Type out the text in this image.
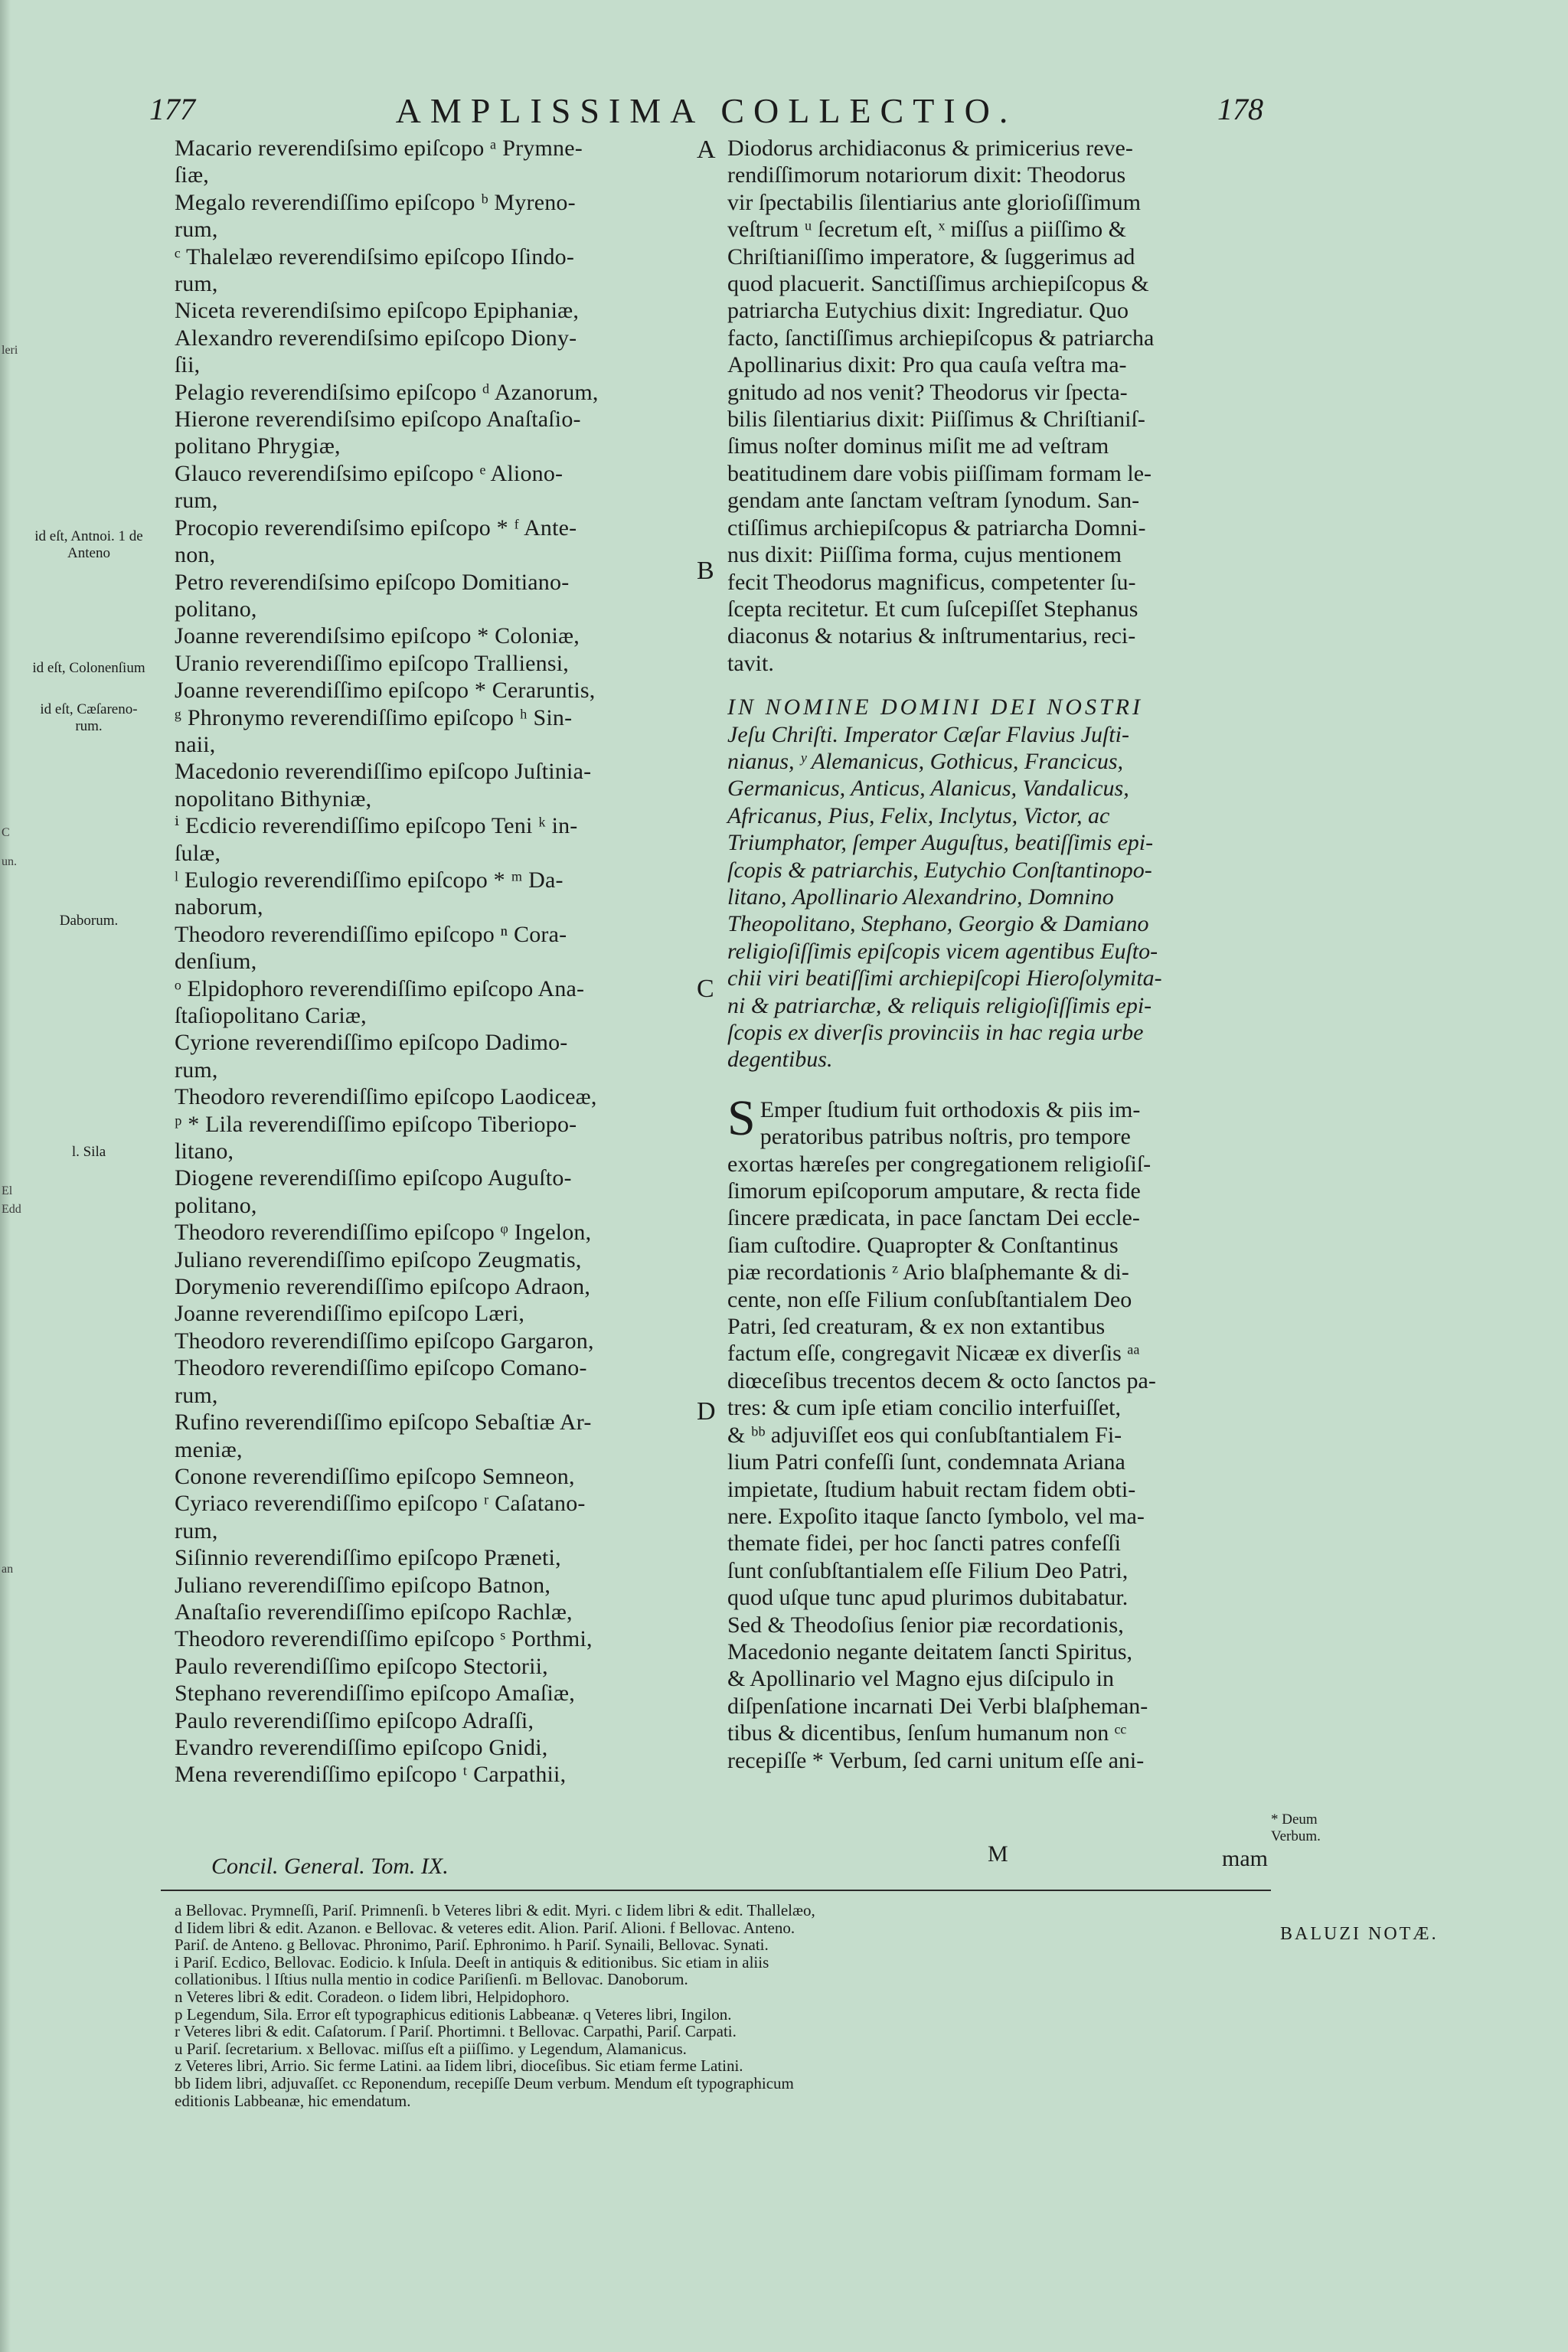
leri
C
un.
El
Edd
an
177	AMPLISSIMA COLLECTIO.	178
id eſt, Antnoi. 1 de Anteno
id eſt, Colonenſium
id eſt, Cæſareno-rum.
Daborum.
l. Sila
Macario reverendiſsimo epiſcopo ᵃ Prymne-
ſiæ,
Megalo reverendiſſimo epiſcopo ᵇ Myreno-
rum,
ᶜ Thalelæo reverendiſsimo epiſcopo Iſindo-
rum,
Niceta reverendiſsimo epiſcopo Epiphaniæ,
Alexandro reverendiſsimo epiſcopo Diony-
ſii,
Pelagio reverendiſsimo epiſcopo ᵈ Azanorum,
Hierone reverendiſsimo epiſcopo Anaſtaſio-
politano Phrygiæ,
Glauco reverendiſsimo epiſcopo ᵉ Aliono-
rum,
Procopio reverendiſsimo epiſcopo * ᶠ Ante-
non,
Petro reverendiſsimo epiſcopo Domitiano-
politano,
Joanne reverendiſsimo epiſcopo * Coloniæ,
Uranio reverendiſſimo epiſcopo Tralliensi,
Joanne reverendiſſimo epiſcopo * Ceraruntis,
ᵍ Phronymo reverendiſſimo epiſcopo ʰ Sin-
naii,
Macedonio reverendiſſimo epiſcopo Juſtinia-
nopolitano Bithyniæ,
ⁱ Ecdicio reverendiſſimo epiſcopo Teni ᵏ in-
ſulæ,
ˡ Eulogio reverendiſſimo epiſcopo * ᵐ Da-
naborum,
Theodoro reverendiſſimo epiſcopo ⁿ Cora-
denſium,
ᵒ Elpidophoro reverendiſſimo epiſcopo Ana-
ſtaſiopolitano Cariæ,
Cyrione reverendiſſimo epiſcopo Dadimo-
rum,
Theodoro reverendiſſimo epiſcopo Laodiceæ,
ᵖ * Lila reverendiſſimo epiſcopo Tiberiopo-
litano,
Diogene reverendiſſimo epiſcopo Auguſto-
politano,
Theodoro reverendiſſimo epiſcopo ᵠ Ingelon,
Juliano reverendiſſimo epiſcopo Zeugmatis,
Dorymenio reverendiſſimo epiſcopo Adraon,
Joanne reverendiſſimo epiſcopo Læri,
Theodoro reverendiſſimo epiſcopo Gargaron,
Theodoro reverendiſſimo epiſcopo Comano-
rum,
Rufino reverendiſſimo epiſcopo Sebaſtiæ Ar-
meniæ,
Conone reverendiſſimo epiſcopo Semneon,
Cyriaco reverendiſſimo epiſcopo ʳ Caſatano-
rum,
Siſinnio reverendiſſimo epiſcopo Præneti,
Juliano reverendiſſimo epiſcopo Batnon,
Anaſtaſio reverendiſſimo epiſcopo Rachlæ,
Theodoro reverendiſſimo epiſcopo ˢ Porthmi,
Paulo reverendiſſimo epiſcopo Stectorii,
Stephano reverendiſſimo epiſcopo Amaſiæ,
Paulo reverendiſſimo epiſcopo Adraſſi,
Evandro reverendiſſimo epiſcopo Gnidi,
Mena reverendiſſimo epiſcopo ᵗ Carpathii,
Concil. General. Tom. IX.
A
B
C
D
Diodorus archidiaconus & primicerius reve-
rendiſſimorum notariorum dixit: Theodorus
vir ſpectabilis ſilentiarius ante glorioſiſſimum
veſtrum ᵘ ſecretum eſt, ˣ miſſus a piiſſimo &
Chriſtianiſſimo imperatore, & ſuggerimus ad
quod placuerit. Sanctiſſimus archiepiſcopus &
patriarcha Eutychius dixit: Ingrediatur. Quo
facto, ſanctiſſimus archiepiſcopus & patriarcha
Apollinarius dixit: Pro qua cauſa veſtra ma-
gnitudo ad nos venit? Theodorus vir ſpecta-
bilis ſilentiarius dixit: Piiſſimus & Chriſtianiſ-
ſimus noſter dominus miſit me ad veſtram
beatitudinem dare vobis piiſſimam formam le-
gendam ante ſanctam veſtram ſynodum. San-
ctiſſimus archiepiſcopus & patriarcha Domni-
nus dixit: Piiſſima forma, cujus mentionem
fecit Theodorus magnificus, competenter ſu-
ſcepta recitetur. Et cum ſuſcepiſſet Stephanus
diaconus & notarius & inſtrumentarius, reci-
tavit.
IN NOMINE DOMINI DEI NOSTRI
Jeſu Chriſti. Imperator Cæſar Flavius Juſti-
nianus, ʸ Alemanicus, Gothicus, Francicus,
Germanicus, Anticus, Alanicus, Vandalicus,
Africanus, Pius, Felix, Inclytus, Victor, ac
Triumphator, ſemper Auguſtus, beatiſſimis epi-
ſcopis & patriarchis, Eutychio Conſtantinopo-
litano, Apollinario Alexandrino, Domnino
Theopolitano, Stephano, Georgio & Damiano
religioſiſſimis epiſcopis vicem agentibus Euſto-
chii viri beatiſſimi archiepiſcopi Hieroſolymita-
ni & patriarchæ, & reliquis religioſiſſimis epi-
ſcopis ex diverſis provinciis in hac regia urbe
degentibus.
S Emper ſtudium fuit orthodoxis & piis im-
peratoribus patribus noſtris, pro tempore
exortas hæreſes per congregationem religioſiſ-
ſimorum epiſcoporum amputare, & recta fide
ſincere prædicata, in pace ſanctam Dei eccle-
ſiam cuſtodire. Quapropter & Conſtantinus
piæ recordationis ᶻ Ario blaſphemante & di-
cente, non eſſe Filium conſubſtantialem Deo
Patri, ſed creaturam, & ex non extantibus
factum eſſe, congregavit Nicææ ex diverſis ᵃᵃ
diœceſibus trecentos decem & octo ſanctos pa-
tres: & cum ipſe etiam concilio interfuiſſet,
& ᵇᵇ adjuviſſet eos qui conſubſtantialem Fi-
lium Patri confeſſi ſunt, condemnata Ariana
impietate, ſtudium habuit rectam fidem obti-
nere. Expoſito itaque ſancto ſymbolo, vel ma-
themate fidei, per hoc ſancti patres confeſſi
ſunt conſubſtantialem eſſe Filium Deo Patri,
quod uſque tunc apud plurimos dubitabatur.
Sed & Theodoſius ſenior piæ recordationis,
Macedonio negante deitatem ſancti Spiritus,
& Apollinario vel Magno ejus diſcipulo in
diſpenſatione incarnati Dei Verbi blaſpheman-
tibus & dicentibus, ſenſum humanum non ᶜᶜ
recepiſſe * Verbum, ſed carni unitum eſſe ani-
M	mam
* Deum Verbum.
a Bellovac. Prymneſſi, Pariſ. Primnenſi. b Veteres libri & edit. Myri. c Iidem libri & edit. Thallelæo,
d Iidem libri & edit. Azanon. e Bellovac. & veteres edit. Alion. Pariſ. Alioni. f Bellovac. Anteno.
Pariſ. de Anteno. g Bellovac. Phronimo, Pariſ. Ephronimo. h Pariſ. Synaili, Bellovac. Synati.
i Pariſ. Ecdico, Bellovac. Eodicio. k Inſula. Deeſt in antiquis & editionibus. Sic etiam in aliis
collationibus. l Iſtius nulla mentio in codice Pariſienſi. m Bellovac. Danoborum.
n Veteres libri & edit. Coradeon. o Iidem libri, Helpidophoro.
p Legendum, Sila. Error eſt typographicus editionis Labbeanæ. q Veteres libri, Ingilon.
r Veteres libri & edit. Caſatorum. ſ Pariſ. Phortimni. t Bellovac. Carpathi, Pariſ. Carpati.
u Pariſ. ſecretarium. x Bellovac. miſſus eſt a piiſſimo. y Legendum, Alamanicus.
z Veteres libri, Arrio. Sic ferme Latini. aa Iidem libri, dioceſibus. Sic etiam ferme Latini.
bb Iidem libri, adjuvaſſet. cc Reponendum, recepiſſe Deum verbum. Mendum eſt typographicum
editionis Labbeanæ, hic emendatum.
BALUZI NOTÆ.
